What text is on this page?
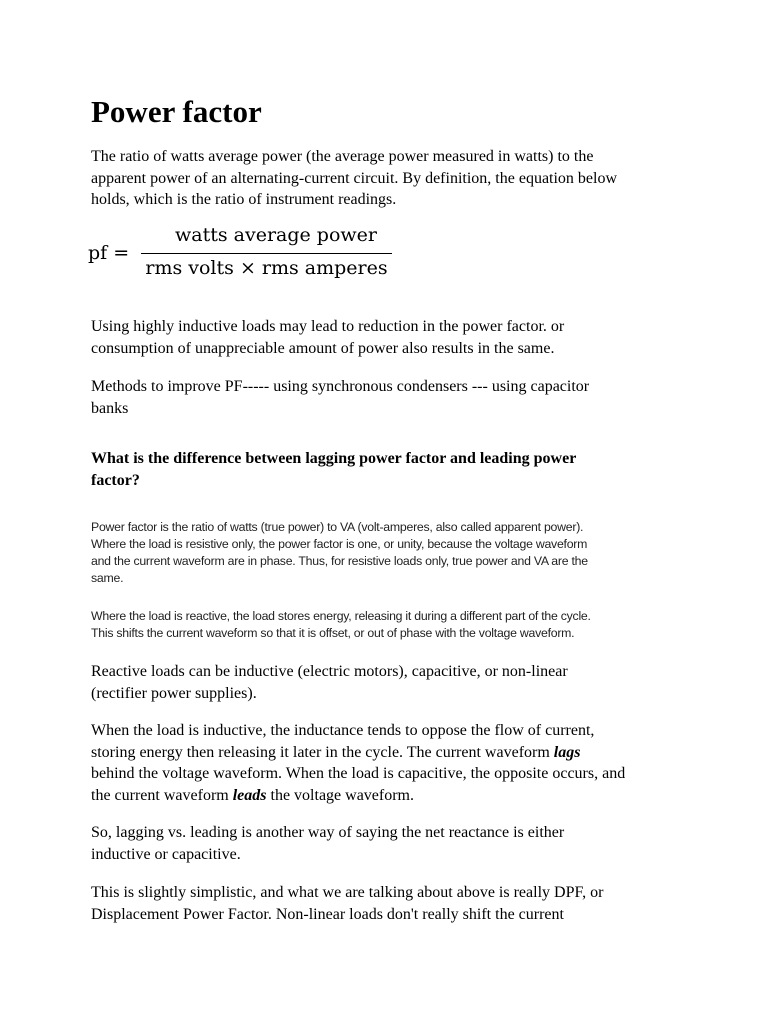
Power factor
The ratio of watts average power (the average power measured in watts) to the
apparent power of an alternating-current circuit. By definition, the equation below
holds, which is the ratio of instrument readings.
pf =
watts average power
rms volts × rms amperes
Using highly inductive loads may lead to reduction in the power factor. or
consumption of unappreciable amount of power also results in the same.
Methods to improve PF----- using synchronous condensers --- using capacitor
banks
What is the difference between lagging power factor and leading power
factor?
Power factor is the ratio of watts (true power) to VA (volt-amperes, also called apparent power).
Where the load is resistive only, the power factor is one, or unity, because the voltage waveform
and the current waveform are in phase. Thus, for resistive loads only, true power and VA are the
same.
Where the load is reactive, the load stores energy, releasing it during a different part of the cycle.
This shifts the current waveform so that it is offset, or out of phase with the voltage waveform.
Reactive loads can be inductive (electric motors), capacitive, or non-linear
(rectifier power supplies).
When the load is inductive, the inductance tends to oppose the flow of current,
storing energy then releasing it later in the cycle. The current waveform lags
behind the voltage waveform. When the load is capacitive, the opposite occurs, and
the current waveform leads the voltage waveform.
So, lagging vs. leading is another way of saying the net reactance is either
inductive or capacitive.
This is slightly simplistic, and what we are talking about above is really DPF, or
Displacement Power Factor. Non-linear loads don't really shift the current
